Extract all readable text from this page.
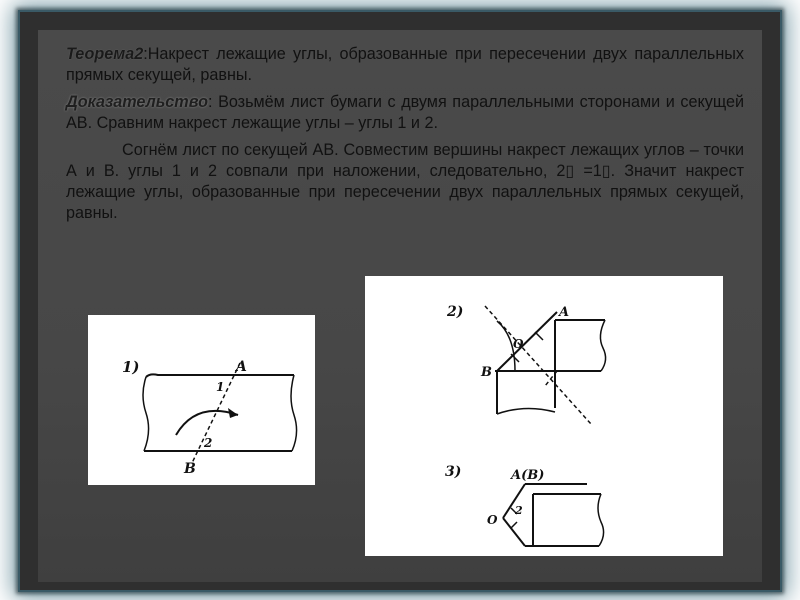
Теорема2:Накрест лежащие углы, образованные при пересечении двух параллельных прямых секущей, равны.

Доказательство: Возьмём лист бумаги с двумя параллельными сторонами и секущей АВ. Сравним накрест лежащие углы – углы 1 и 2.

Согнём лист по секущей АВ. Совместим вершины накрест лежащих углов – точки А и В. углы 1 и 2 совпали при наложении, следовательно, 2▯ =1▯. Значит накрест лежащие углы, образованные при пересечении двух параллельных прямых секущей, равны.

1)	A
1
2
B
2)	A
B
O
3)	A(B)
O
2
